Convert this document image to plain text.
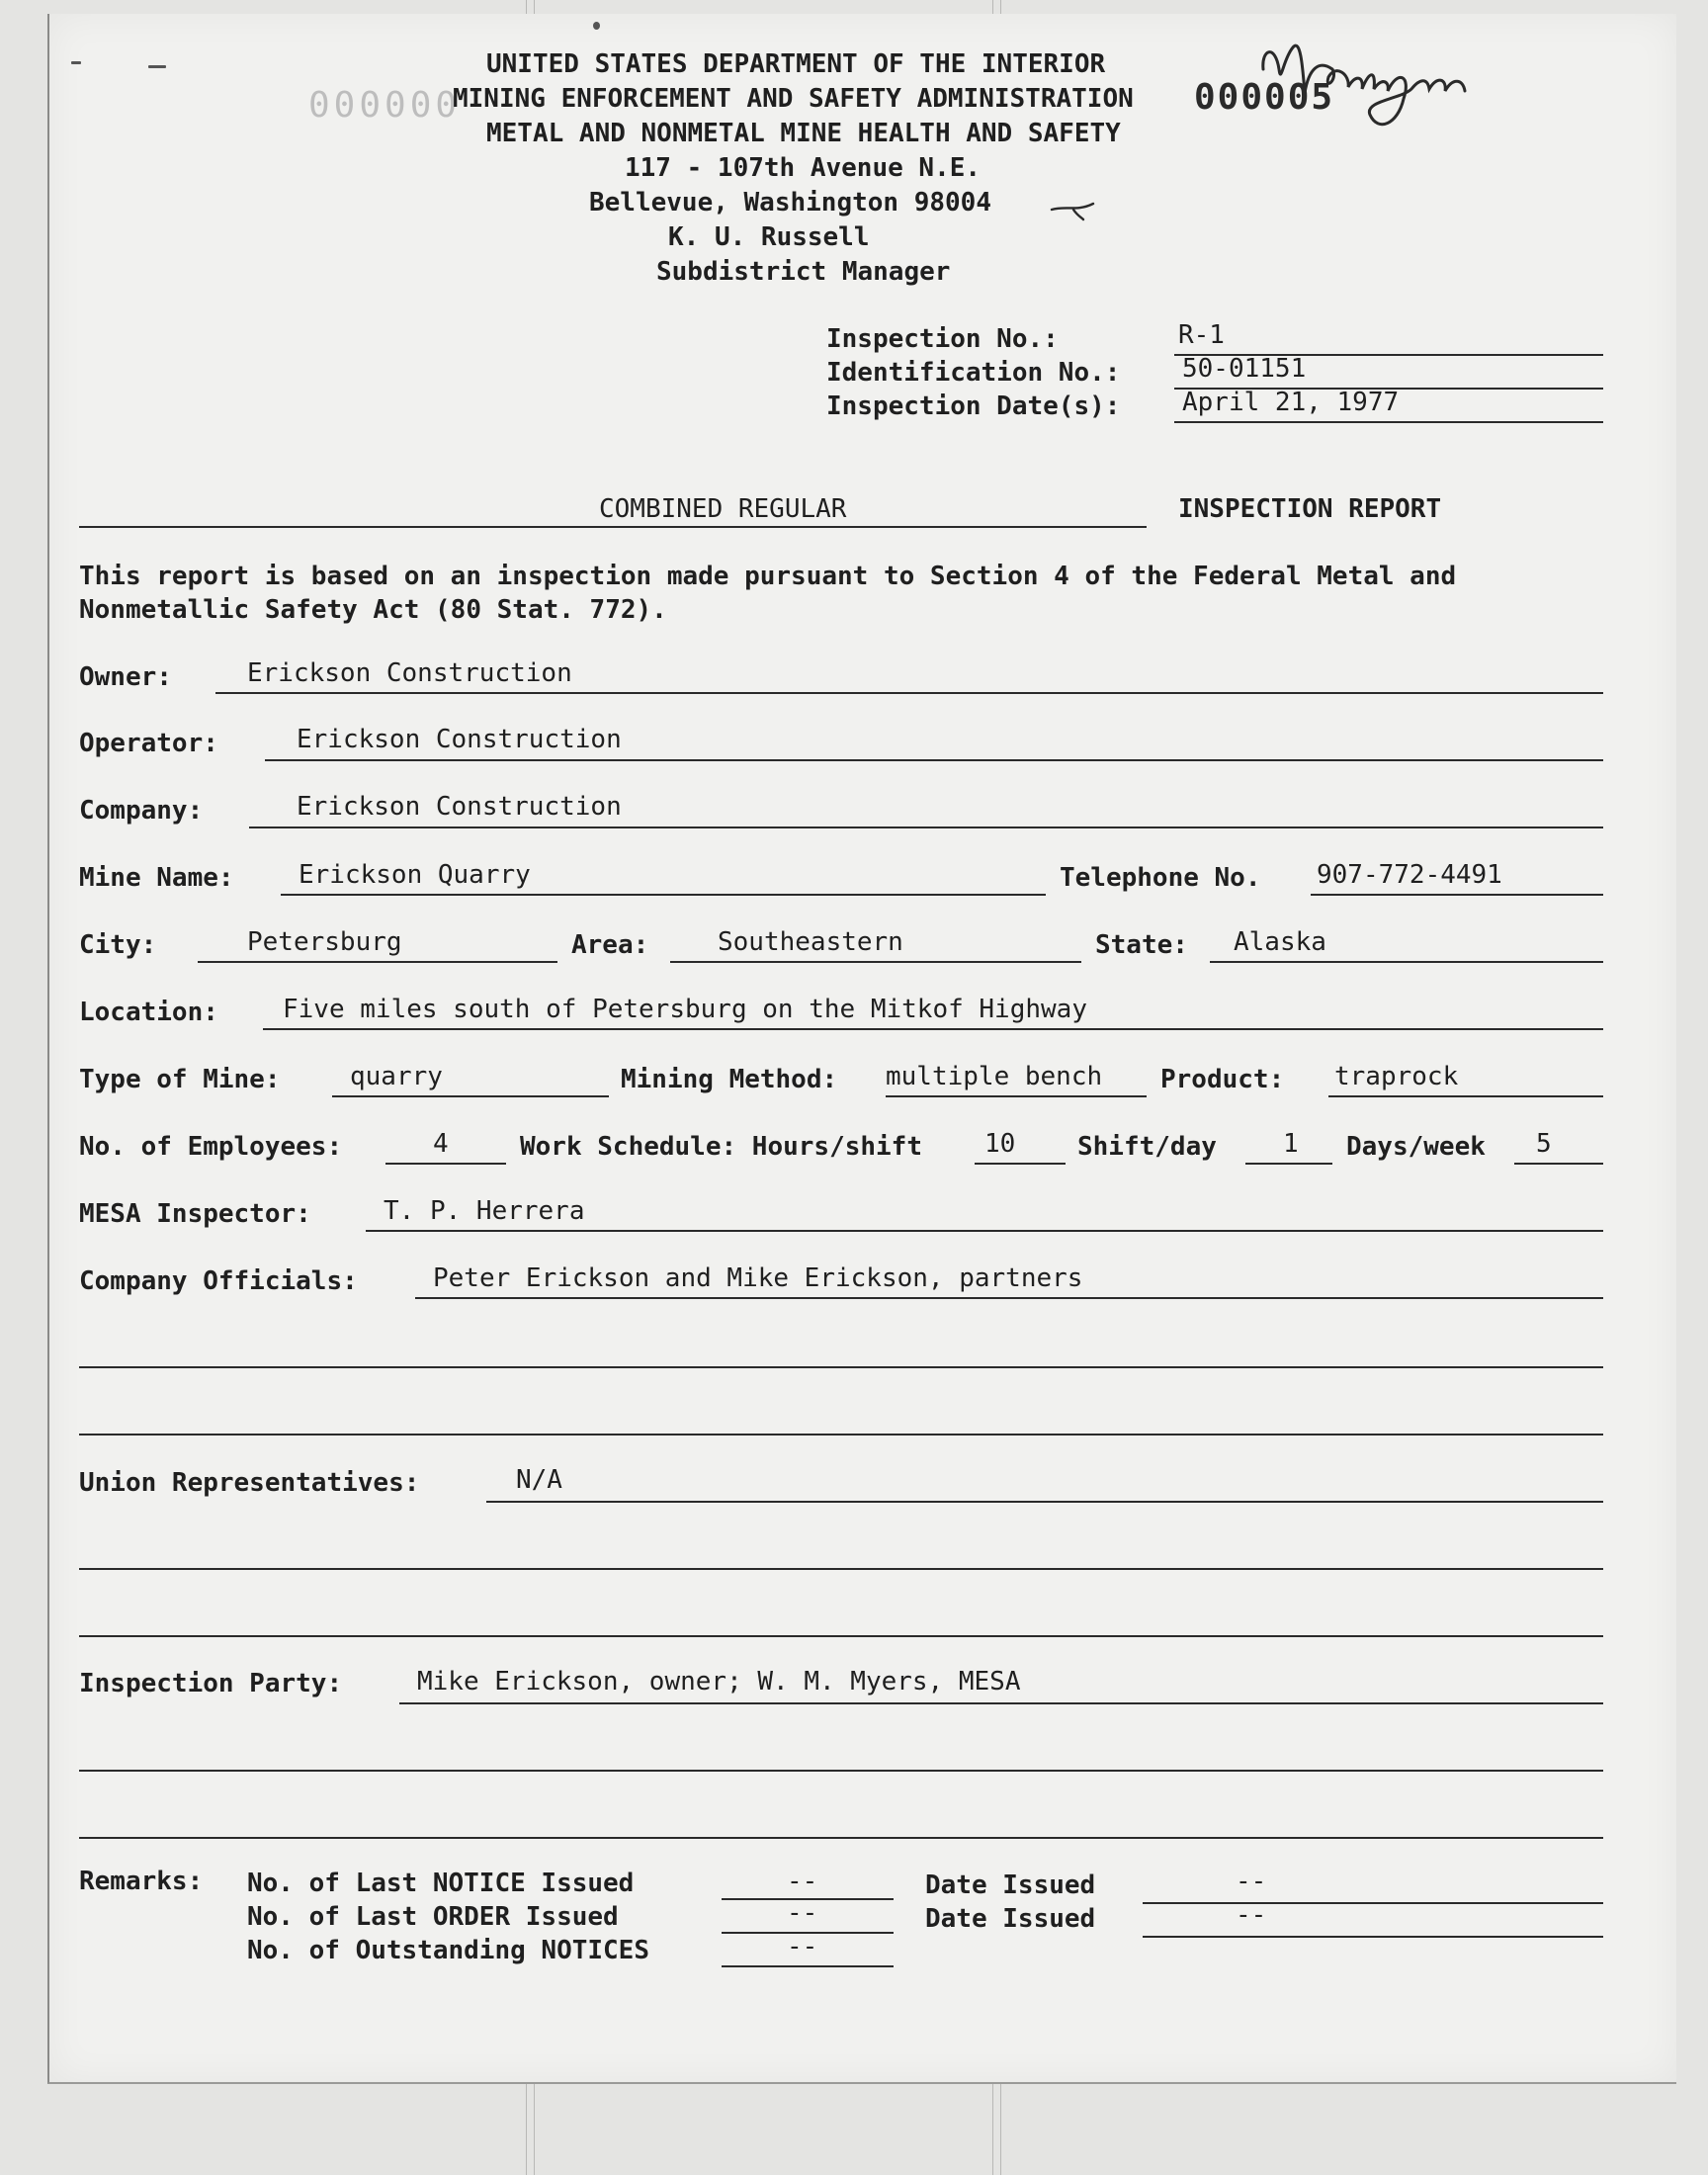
000000	000005
UNITED STATES DEPARTMENT OF THE INTERIOR
MINING ENFORCEMENT AND SAFETY ADMINISTRATION
METAL AND NONMETAL MINE HEALTH AND SAFETY
117 - 107th Avenue N.E.
Bellevue, Washington 98004
K. U. Russell
Subdistrict Manager
Inspection No.:	R-1
Identification No.: 50-01151
Inspection Date(s): April 21, 1977
COMBINED REGULAR	INSPECTION REPORT
This report is based on an inspection made pursuant to Section 4 of the Federal Metal and
Nonmetallic Safety Act (80 Stat. 772).
Owner:	Erickson Construction
Operator:	Erickson Construction
Company:	Erickson Construction
Mine Name:	Erickson Quarry	Telephone No. 907-772-4491
City:	Petersburg	Area:	Southeastern	State: Alaska
Location:	Five miles south of Petersburg on the Mitkof Highway
Type of Mine:	quarry	Mining Method: multiple bench Product: traprock
No. of Employees:	4	Work Schedule: Hours/shift 10 Shift/day	1 Days/week 5
MESA Inspector:	T. P. Herrera
Company Officials:	Peter Erickson and Mike Erickson, partners
Union Representatives:	N/A
Inspection Party:	Mike Erickson, owner; W. M. Myers, MESA
Remarks: No. of Last NOTICE Issued	--	Date Issued	--
No. of Last ORDER Issued	--	Date Issued	--
No. of Outstanding NOTICES	--
